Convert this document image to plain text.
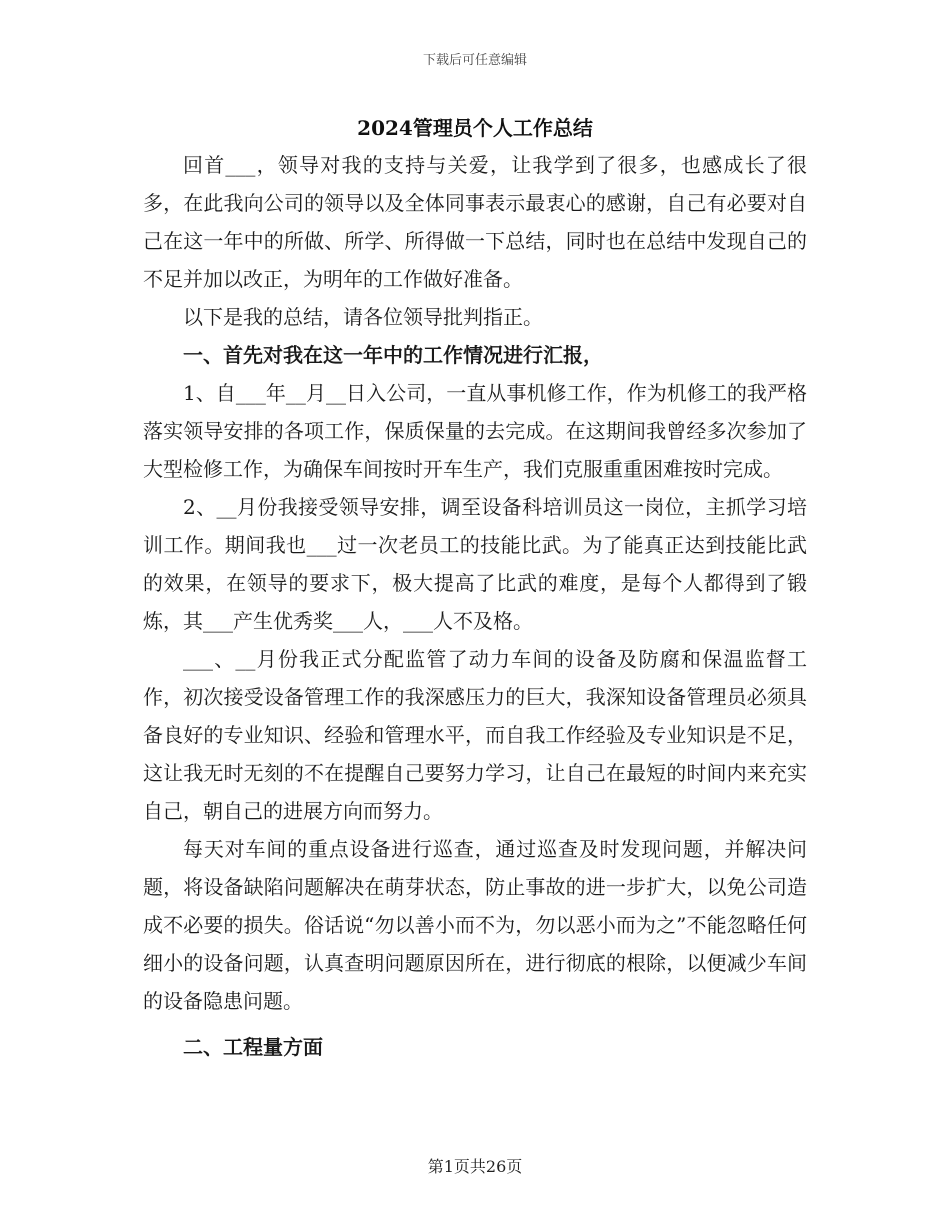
下载后可任意编辑
2024管理员个人工作总结

回首___，领导对我的支持与关爱，让我学到了很多，也感成长了很多，在此我向公司的领导以及全体同事表示最衷心的感谢，自己有必要对自己在这一年中的所做、所学、所得做一下总结，同时也在总结中发现自己的不足并加以改正，为明年的工作做好准备。

以下是我的总结，请各位领导批判指正。

一、首先对我在这一年中的工作情况进行汇报，

1、自___年__月__日入公司，一直从事机修工作，作为机修工的我严格落实领导安排的各项工作，保质保量的去完成。在这期间我曾经多次参加了大型检修工作，为确保车间按时开车生产，我们克服重重困难按时完成。

2、__月份我接受领导安排，调至设备科培训员这一岗位，主抓学习培训工作。期间我也___过一次老员工的技能比武。为了能真正达到技能比武的效果，在领导的要求下，极大提高了比武的难度，是每个人都得到了锻炼，其___产生优秀奖___人，___人不及格。

___、__月份我正式分配监管了动力车间的设备及防腐和保温监督工作，初次接受设备管理工作的我深感压力的巨大，我深知设备管理员必须具备良好的专业知识、经验和管理水平，而自我工作经验及专业知识是不足，这让我无时无刻的不在提醒自己要努力学习，让自己在最短的时间内来充实自己，朝自己的进展方向而努力。

每天对车间的重点设备进行巡查，通过巡查及时发现问题，并解决问题，将设备缺陷问题解决在萌芽状态，防止事故的进一步扩大，以免公司造成不必要的损失。俗话说“勿以善小而不为，勿以恶小而为之”不能忽略任何细小的设备问题，认真查明问题原因所在，进行彻底的根除，以便减少车间的设备隐患问题。

二、工程量方面

第1页共26页
